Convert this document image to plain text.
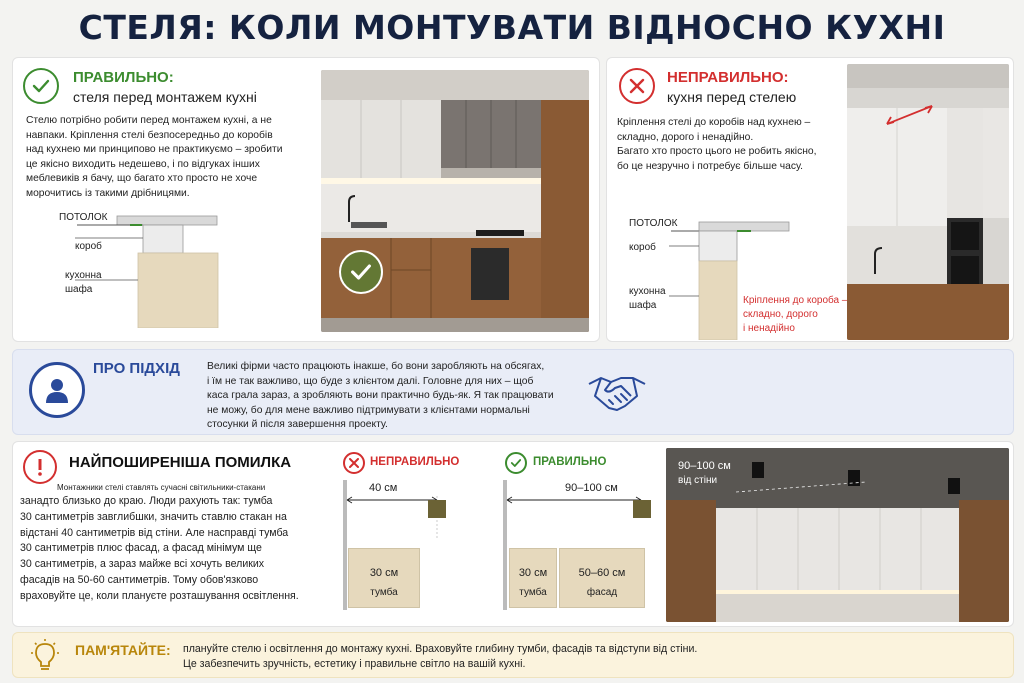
СТЕЛЯ: КОЛИ МОНТУВАТИ ВІДНОСНО КУХНІ
ПРАВИЛЬНО:
стеля перед монтажем кухні
Стелю потрібно робити перед монтажем кухні, а не
навпаки. Кріплення стелі безпосередньо до коробів
над кухнею ми принципово не практикуємо – зробити
це якісно виходить недешево, і по відгуках інших
меблевиків я бачу, що багато хто просто не хоче
морочитись із такими дрібницями.
ПОТОЛОК
короб
кухонна
шафа
НЕПРАВИЛЬНО:
кухня перед стелею
Кріплення стелі до коробів над кухнею –
складно, дорого і ненадійно.
Багато хто просто цього не робить якісно,
бо це незручно і потребує більше часу.
ПОТОЛОК
короб
кухонна
шафа	Кріплення до короба –
складно, дорого
і ненадійно
ПРО ПІДХІД	Великі фірми часто працюють інакше, бо вони заробляють на обсягах,
і їм не так важливо, що буде з клієнтом далі. Головне для них – щоб
каса грала зараз, а зробляють вони практично будь-як. Я так працювати
не можу, бо для мене важливо підтримувати з клієнтами нормальні
стосунки й після завершення проекту.
НАЙПОШИРЕНІША ПОМИЛКА
Монтажники стелі ставлять сучасні світильники-стакани
занадто близько до краю. Люди рахують так: тумба
30 сантиметрів завглибшки, значить ставлю стакан на
відстані 40 сантиметрів від стіни. Але насправді тумба
30 сантиметрів плюс фасад, а фасад мінімум ще
30 сантиметрів, а зараз майже всі хочуть великих
фасадів на 50-60 сантиметрів. Тому обов'язково
враховуйте це, коли плануєте розташування освітлення.
НЕПРАВИЛЬНО
40 см
30 см
тумба
ПРАВИЛЬНО
90–100 см
30 см
тумба
50–60 см
фасад
90–100 см
від стіни
ПАМ'ЯТАЙТЕ: плануйте стелю і освітлення до монтажу кухні. Враховуйте глибину тумби, фасадів та відступи від стіни.
Це забезпечить зручність, естетику і правильне світло на вашій кухні.
